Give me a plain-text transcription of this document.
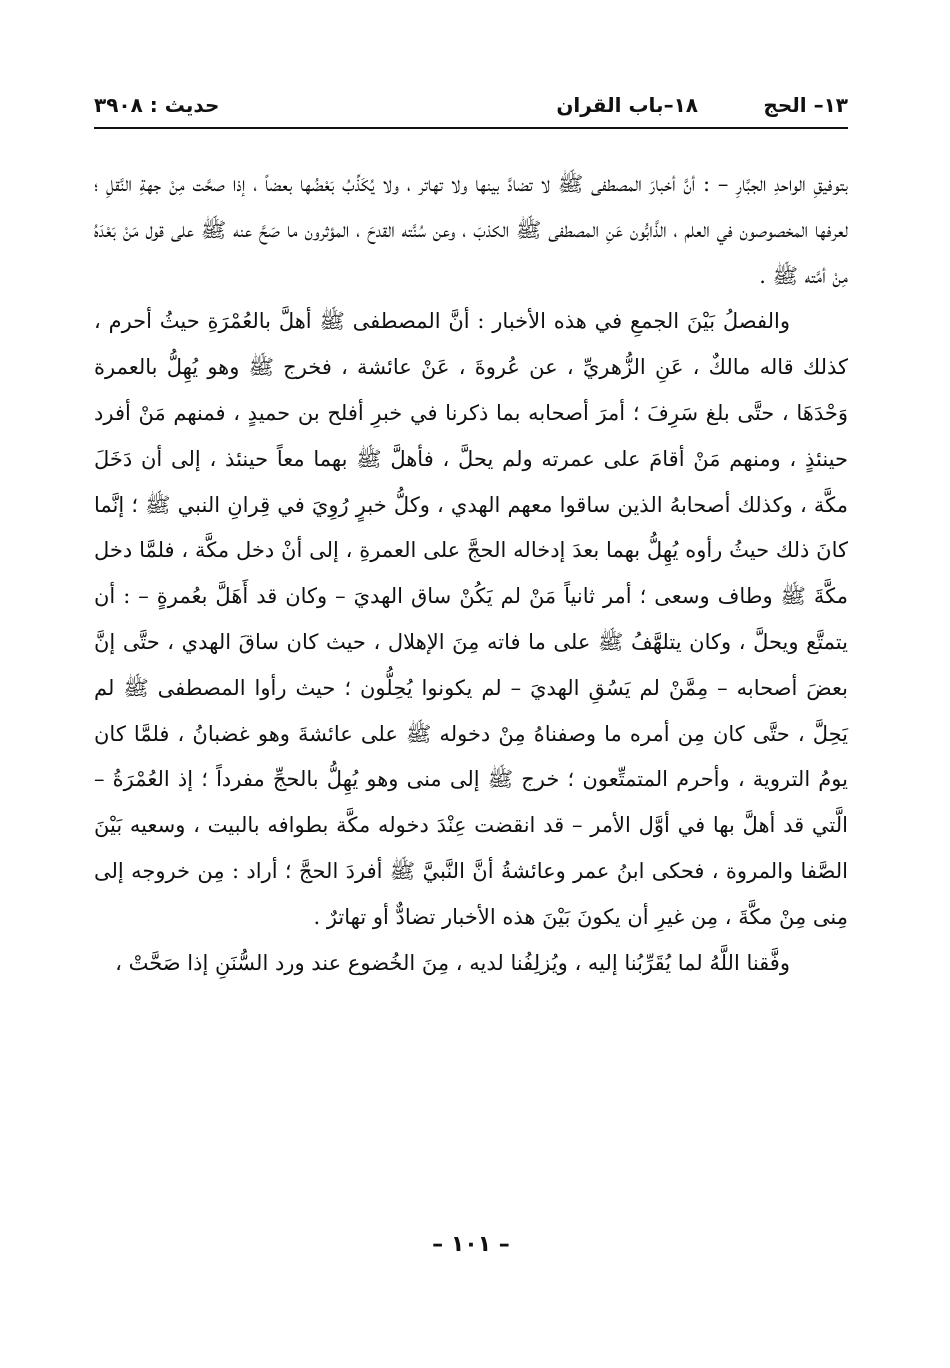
١٣– الحج
١٨–باب القران
حديث : ٣٩٠٨

بتوفيقِ الواحدِ الجبَّارِ – : أنَّ أخبارَ المصطفى ﷺ لا تضادَّ بينها ولا تهاتر ، ولا يُكَذِّبُ بَعْضُها بعضاً ، إذا صحَّت مِنْ جهةِ النَّقلِ ؛ لعرفها المخصوصون في العلم ، الذَّابُّون عَنِ المصطفى ﷺ الكذبَ ، وعن سُنَّته القدحَ ، المؤثرون ما صَحَّ عنه ﷺ على قول مَنْ بَعْدَهُ مِنْ أمَّته ﷺ .

والفصلُ بَيْنَ الجمعِ في هذه الأخبار : أنَّ المصطفى ﷺ أهلَّ بالعُمْرَةِ حيثُ أحرم ، كذلك قاله مالكٌ ، عَنِ الزُّهريِّ ، عن عُروةَ ، عَنْ عائشة ، فخرج ﷺ وهو يُهِلُّ بالعمرة وَحْدَهَا ، حتَّى بلغ سَرِفَ ؛ أمرَ أصحابه بما ذكرنا في خبرِ أفلح بن حميدٍ ، فمنهم مَنْ أفرد حينئذٍ ، ومنهم مَنْ أقامَ على عمرته ولم يحلَّ ، فأهلَّ ﷺ بهما معاً حينئذ ، إلى أن دَخَلَ مكَّة ، وكذلك أصحابهُ الذين ساقوا معهم الهدي ، وكلُّ خبرٍ رُوِيَ في قِرانِ النبي ﷺ ؛ إنَّما كانَ ذلك حيثُ رأوه يُهِلُّ بهما بعدَ إدخاله الحجَّ على العمرةِ ، إلى أنْ دخل مكَّة ، فلمَّا دخل مكَّةَ ﷺ وطاف وسعى ؛ أمر ثانياً مَنْ لم يَكُنْ ساق الهديَ – وكان قد أَهَلَّ بعُمرةٍ – : أن يتمتَّع ويحلَّ ، وكان يتلهَّفُ ﷺ على ما فاته مِنَ الإهلال ، حيث كان ساقَ الهدي ، حتَّى إنَّ بعضَ أصحابه – مِمَّنْ لم يَسُقِ الهديَ – لم يكونوا يُحِلُّون ؛ حيث رأوا المصطفى ﷺ لم يَحِلَّ ، حتَّى كان مِن أمره ما وصفناهُ مِنْ دخوله ﷺ على عائشةَ وهو غضبانُ ، فلمَّا كان يومُ التروية ، وأحرم المتمتِّعون ؛ خرج ﷺ إلى منى وهو يُهِلُّ بالحجِّ مفرداً ؛ إذ العُمْرَةُ – الَّتي قد أهلَّ بها في أوَّل الأمر – قد انقضت عِنْدَ دخوله مكَّة بطوافه بالبيت ، وسعيه بَيْنَ الصَّفا والمروة ، فحكى ابنُ عمر وعائشةُ أنَّ النَّبيَّ ﷺ أفردَ الحجَّ ؛ أراد : مِن خروجه إلى مِنى مِنْ مكَّةَ ، مِن غيرِ أن يكونَ بَيْنَ هذه الأخبار تضادٌّ أو تهاترٌ .

وفَّقنا اللَّهُ لما يُقَرِّبُنا إليه ، ويُزلِفُنا لديه ، مِنَ الخُضوع عند ورد السُّنَنِ إذا صَحَّتْ ،

– ١٠١ –
